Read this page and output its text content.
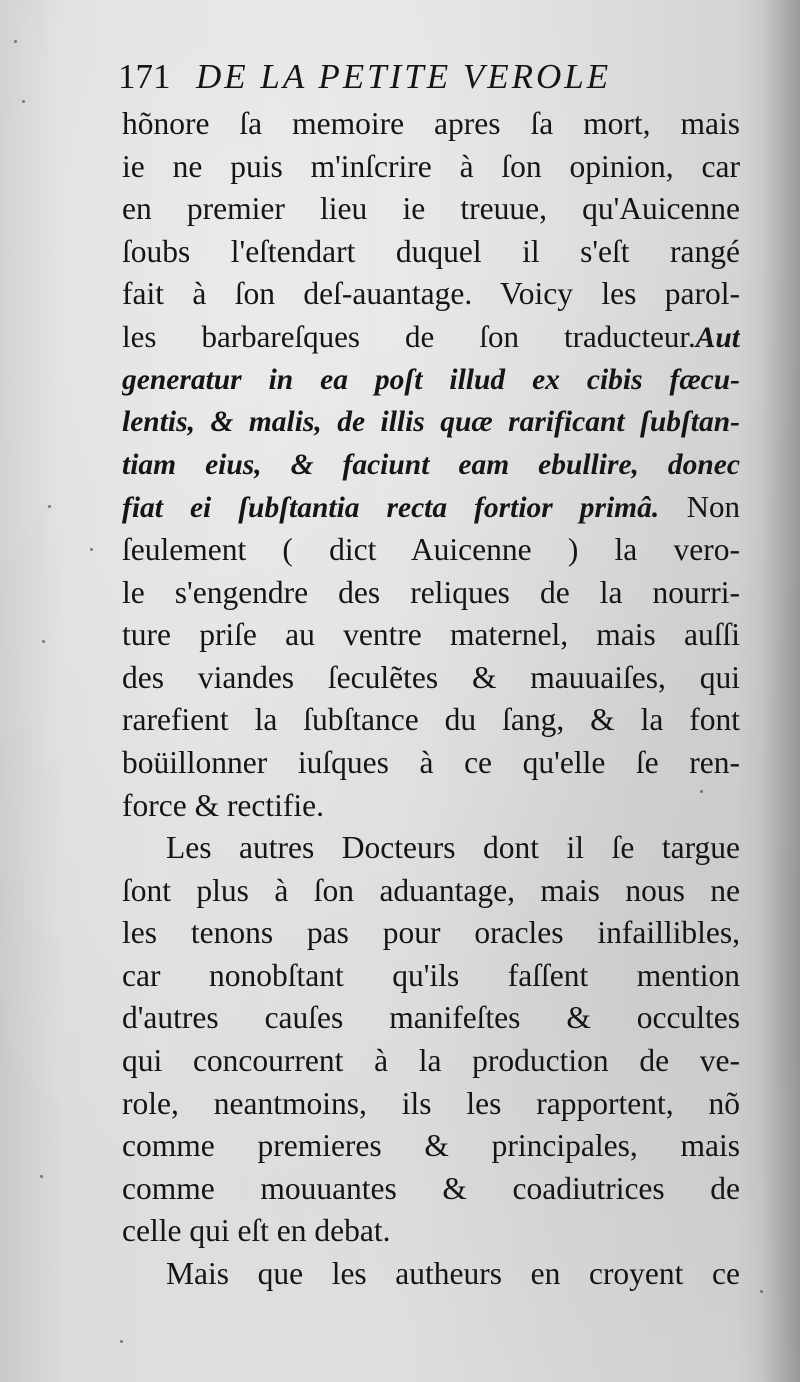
171 DE LA PETITE VEROLE
hõnore ſa memoire apres ſa mort, mais
ie ne puis m'inſcrire à ſon opinion, car
en premier lieu ie treuue, qu'Auicenne
ſoubs l'eſtendart duquel il s'eſt rangé
fait à ſon deſ-auantage. Voicy les parol-
les barbareſques de ſon traducteur.Aut
generatur in ea poſt illud ex cibis fæcu-
lentis, & malis, de illis quæ rarificant ſubſtan-
tiam eius, & faciunt eam ebullire, donec
fiat ei ſubſtantia recta fortior primâ. Non
ſeulement ( dict Auicenne ) la vero-
le s'engendre des reliques de la nourri-
ture priſe au ventre maternel, mais auſſi
des viandes ſeculẽtes & mauuaiſes, qui
rarefient la ſubſtance du ſang, & la font
boüillonner iuſques à ce qu'elle ſe ren-
force & rectifie.
Les autres Docteurs dont il ſe targue
ſont plus à ſon aduantage, mais nous ne
les tenons pas pour oracles infaillibles,
car nonobſtant qu'ils faſſent mention
d'autres cauſes manifeſtes & occultes
qui concourrent à la production de ve-
role, neantmoins, ils les rapportent, nõ
comme premieres & principales, mais
comme mouuantes & coadiutrices de
celle qui eſt en debat.
Mais que les autheurs en croyent ce
